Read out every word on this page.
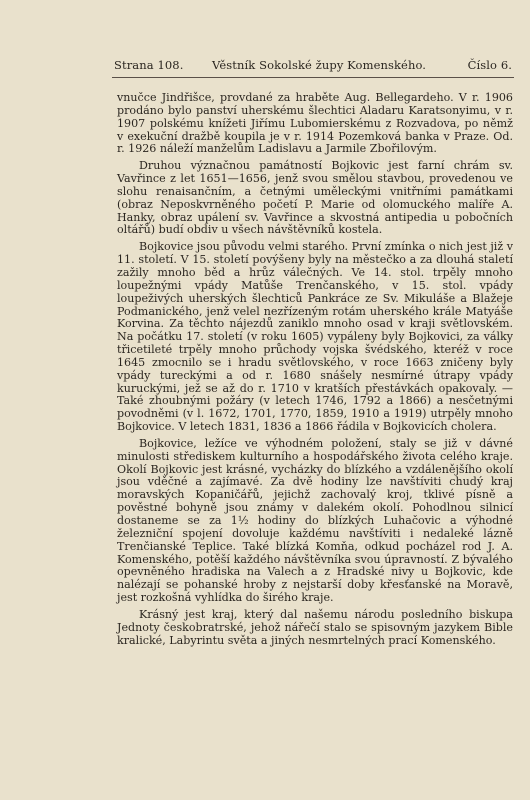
Strana 108. Věstník Sokolské župy Komenského.	Číslo 6.

vnučce Jindřišce, provdané za hraběte Aug. Bellegardeho. V r. 1906 prodáno bylo panství uherskému šlechtici Aladaru Karatsonyimu, v r. 1907 polskému knížeti Jiřímu Lubomierskému z Rozvadova, po němž v exekuční dražbě koupila je v r. 1914 Pozemková banka v Praze. Od. r. 1926 náleží manželům Ladislavu a Jarmile Zbořilovým.

Druhou význačnou památností Bojkovic jest farní chrám sv. Vavřince z let 1651—1656, jenž svou smělou stavbou, provedenou ve slohu renaisančním, a četnými uměleckými vnitřními památkami (obraz Neposkvrněného početí P. Marie od olomuckého malíře A. Hanky, obraz upálení sv. Vavřince a skvostná antipedia u pobočních oltářů) budí obdiv u všech návštěvníků kostela.

Bojkovice jsou původu velmi starého. První zmínka o nich jest již v 11. století. V 15. století povýšeny byly na městečko a za dlouhá staletí zažily mnoho běd a hrůz válečných. Ve 14. stol. trpěly mnoho loupežnými vpády Matůše Trenčanského, v 15. stol. vpády loupeživých uherských šlechticů Pankráce ze Sv. Mikuláše a Blažeje Podmanického, jenž velel nezřízeným rotám uherského krále Matyáše Korvina. Za těchto nájezdů zaniklo mnoho osad v kraji světlovském. Na počátku 17. století (v roku 1605) vypáleny byly Bojkovici, za války třicetileté trpěly mnoho průchody vojska švédského, kteréž v roce 1645 zmocnilo se i hradu světlovského, v roce 1663 zničeny byly vpády tureckými a od r. 1680 snášely nesmírné útrapy vpády kuruckými, jež se až do r. 1710 v kratších přestávkách opakovaly. — Také zhoubnými požáry (v letech 1746, 1792 a 1866) a nesčetnými povodněmi (v l. 1672, 1701, 1770, 1859, 1910 a 1919) utrpěly mnoho Bojkovice. V letech 1831, 1836 a 1866 řádila v Bojkovicích cholera.

Bojkovice, ležíce ve výhodném položení, staly se již v dávné minulosti střediskem kulturního a hospodářského života celého kraje. Okolí Bojkovic jest krásné, vycházky do blízkého a vzdálenějšího okolí jsou vděčné a zajímavé. Za dvě hodiny lze navštíviti chudý kraj moravských Kopaničářů, jejichž zachovalý kroj, tklivé písně a pověstné bohyně jsou známy v dalekém okolí. Pohodlnou silnicí dostaneme se za 1½ hodiny do blízkých Luhačovic a výhodné železniční spojení dovoluje každému navštíviti i nedaleké lázně Trenčianské Teplice. Také blízká Komňa, odkud pocházel rod J. A. Komenského, potěší každého návštěvníka svou úpravností. Z bývalého opevněného hradiska na Valech a z Hradské nivy u Bojkovic, kde nalézají se pohanské hroby z nejstarší doby křesťanské na Moravě, jest rozkošná vyhlídka do širého kraje.

Krásný jest kraj, který dal našemu národu posledního biskupa Jednoty českobratrské, jehož nářečí stalo se spisovným jazykem Bible kralické, Labyrintu světa a jiných nesmrtelných prací Komenského.
